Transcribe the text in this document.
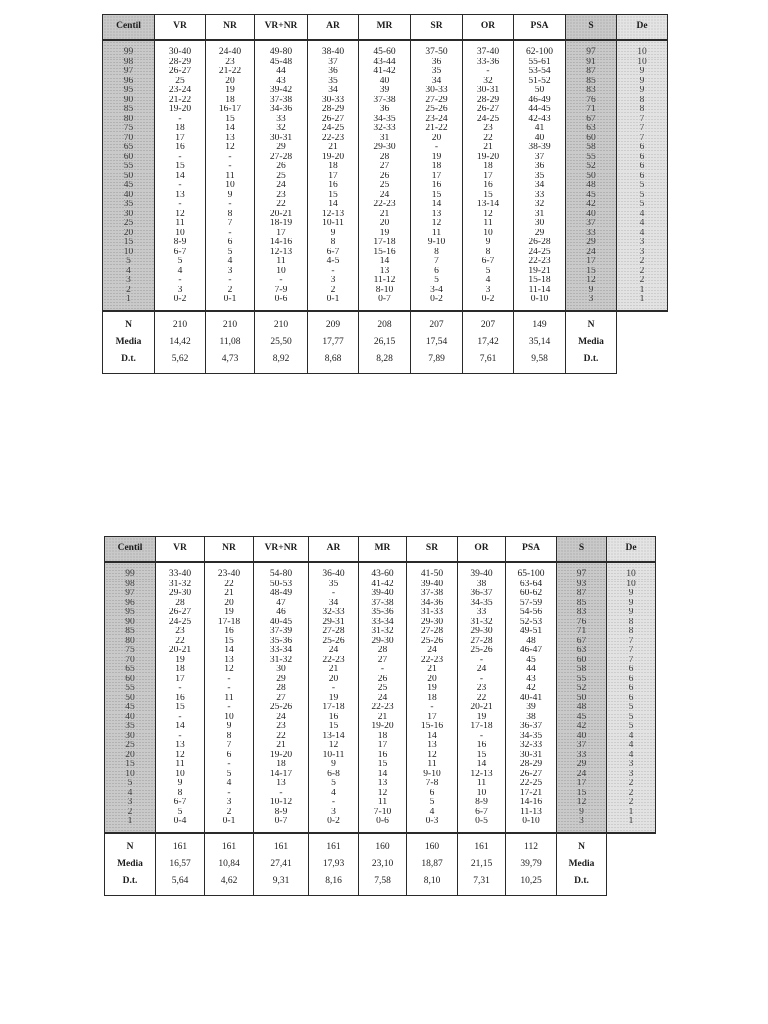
Centil	VR	NR	VR+NR	AR	MR	SR	OR	PSA	S	De
99	30-40	24-40	49-80	38-40	45-60	37-50	37-40	62-100	97	10
98	28-29	23	45-48	37	43-44	36	33-36	55-61	91	10
97	26-27	21-22	44	36	41-42	35	-	53-54	87	9
96	25	20	43	35	40	34	32	51-52	85	9
95	23-24	19	39-42	34	39	30-33	30-31	50	83	9
90	21-22	18	37-38	30-33	37-38	27-29	28-29	46-49	76	8
85	19-20	16-17	34-36	28-29	36	25-26	26-27	44-45	71	8
80	-	15	33	26-27	34-35	23-24	24-25	42-43	67	7
75	18	14	32	24-25	32-33	21-22	23	41	63	7
70	17	13	30-31	22-23	31	20	22	40	60	7
65	16	12	29	21	29-30	-	21	38-39	58	6
60	-	-	27-28	19-20	28	19	19-20	37	55	6
55	15	-	26	18	27	18	18	36	52	6
50	14	11	25	17	26	17	17	35	50	6
45	-	10	24	16	25	16	16	34	48	5
40	13	9	23	15	24	15	15	33	45	5
35	-	-	22	14	22-23	14	13-14	32	42	5
30	12	8	20-21	12-13	21	13	12	31	40	4
25	11	7	18-19	10-11	20	12	11	30	37	4
20	10	-	17	9	19	11	10	29	33	4
15	8-9	6	14-16	8	17-18	9-10	9	26-28	29	3
10	6-7	5	12-13	6-7	15-16	8	8	24-25	24	3
5	5	4	11	4-5	14	7	6-7	22-23	17	2
4	4	3	10	-	13	6	5	19-21	15	2
3	-	-	-	3	11-12	5	4	15-18	12	2
2	3	2	7-9	2	8-10	3-4	3	11-14	9	1
1	0-2	0-1	0-6	0-1	0-7	0-2	0-2	0-10	3	1
N	210	210	210	209	208	207	207	149	N	
Media	14,42	11,08	25,50	17,77	26,15	17,54	17,42	35,14	Media	
D.t.	5,62	4,73	8,92	8,68	8,28	7,89	7,61	9,58	D.t.	
Centil	VR	NR	VR+NR	AR	MR	SR	OR	PSA	S	De
99	33-40	23-40	54-80	36-40	43-60	41-50	39-40	65-100	97	10
98	31-32	22	50-53	35	41-42	39-40	38	63-64	93	10
97	29-30	21	48-49	-	39-40	37-38	36-37	60-62	87	9
96	28	20	47	34	37-38	34-36	34-35	57-59	85	9
95	26-27	19	46	32-33	35-36	31-33	33	54-56	83	9
90	24-25	17-18	40-45	29-31	33-34	29-30	31-32	52-53	76	8
85	23	16	37-39	27-28	31-32	27-28	29-30	49-51	71	8
80	22	15	35-36	25-26	29-30	25-26	27-28	48	67	7
75	20-21	14	33-34	24	28	24	25-26	46-47	63	7
70	19	13	31-32	22-23	27	22-23	-	45	60	7
65	18	12	30	21	-	21	24	44	58	6
60	17	-	29	20	26	20	-	43	55	6
55	-	-	28	-	25	19	23	42	52	6
50	16	11	27	19	24	18	22	40-41	50	6
45	15	-	25-26	17-18	22-23	-	20-21	39	48	5
40	-	10	24	16	21	17	19	38	45	5
35	14	9	23	15	19-20	15-16	17-18	36-37	42	5
30	-	8	22	13-14	18	14	-	34-35	40	4
25	13	7	21	12	17	13	16	32-33	37	4
20	12	6	19-20	10-11	16	12	15	30-31	33	4
15	11	-	18	9	15	11	14	28-29	29	3
10	10	5	14-17	6-8	14	9-10	12-13	26-27	24	3
5	9	4	13	5	13	7-8	11	22-25	17	2
4	8	-	-	4	12	6	10	17-21	15	2
3	6-7	3	10-12	-	11	5	8-9	14-16	12	2
2	5	2	8-9	3	7-10	4	6-7	11-13	9	1
1	0-4	0-1	0-7	0-2	0-6	0-3	0-5	0-10	3	1
N	161	161	161	161	160	160	161	112	N	
Media	16,57	10,84	27,41	17,93	23,10	18,87	21,15	39,79	Media	
D.t.	5,64	4,62	9,31	8,16	7,58	8,10	7,31	10,25	D.t.	
